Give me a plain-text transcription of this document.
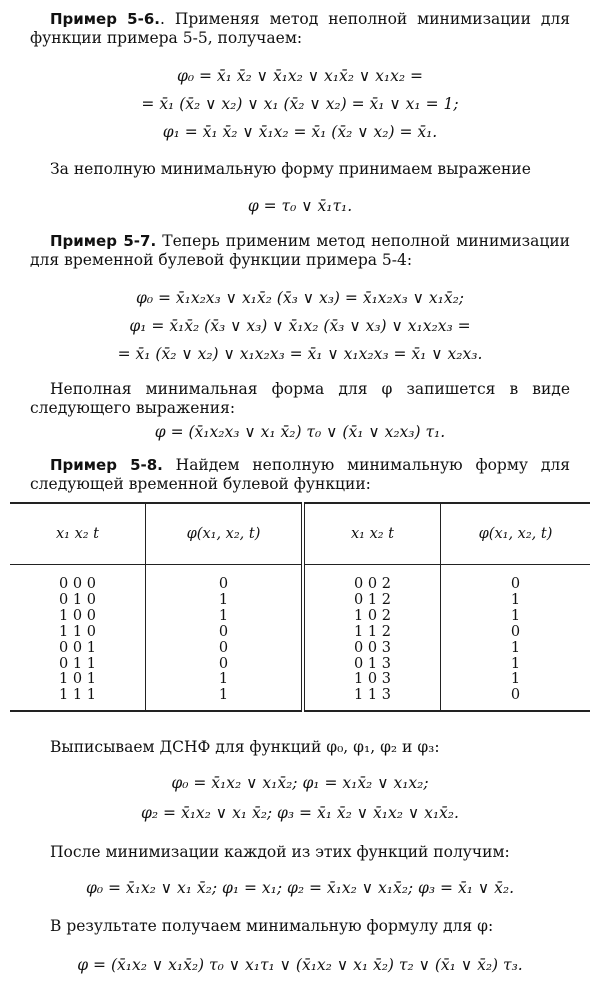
Пример 5-6.. Применяя метод неполной минимизации для функции примера 5-5, получаем:
φ₀ = x̄₁ x̄₂ ∨ x̄₁x₂ ∨ x₁x̄₂ ∨ x₁x₂ =
= x̄₁ (x̄₂ ∨ x₂) ∨ x₁ (x̄₂ ∨ x₂) = x̄₁ ∨ x₁ = 1;
φ₁ = x̄₁ x̄₂ ∨ x̄₁x₂ = x̄₁ (x̄₂ ∨ x₂) = x̄₁.
За неполную минимальную форму принимаем выражение
φ = τ₀ ∨ x̄₁τ₁.
Пример 5-7. Теперь применим метод неполной минимизации для временной булевой функции примера 5-4:
φ₀ = x̄₁x₂x₃ ∨ x₁x̄₂ (x̄₃ ∨ x₃) = x̄₁x₂x₃ ∨ x₁x̄₂;
φ₁ = x̄₁x̄₂ (x̄₃ ∨ x₃) ∨ x̄₁x₂ (x̄₃ ∨ x₃) ∨ x₁x₂x₃ =
= x̄₁ (x̄₂ ∨ x₂) ∨ x₁x₂x₃ = x̄₁ ∨ x₁x₂x₃ = x̄₁ ∨ x₂x₃.
Неполная минимальная форма для φ запишется в виде следующего выражения:
φ = (x̄₁x₂x₃ ∨ x₁ x̄₂) τ₀ ∨ (x̄₁ ∨ x₂x₃) τ₁.
Пример 5-8. Найдем неполную минимальную форму для следующей временной булевой функции:
x₁ x₂ t	φ(x₁, x₂, t)	x₁ x₂ t	φ(x₁, x₂, t)
0 0 0	0	0 0 2	0
0 1 0	1	0 1 2	1
1 0 0	1	1 0 2	1
1 1 0	0	1 1 2	0
0 0 1	0	0 0 3	1
0 1 1	0	0 1 3	1
1 0 1	1	1 0 3	1
1 1 1	1	1 1 3	0
Выписываем ДСНФ для функций φ₀, φ₁, φ₂ и φ₃:
φ₀ = x̄₁x₂ ∨ x₁x̄₂; φ₁ = x₁x̄₂ ∨ x₁x₂;
φ₂ = x̄₁x₂ ∨ x₁ x̄₂; φ₃ = x̄₁ x̄₂ ∨ x̄₁x₂ ∨ x₁x̄₂.
После минимизации каждой из этих функций получим:
φ₀ = x̄₁x₂ ∨ x₁ x̄₂; φ₁ = x₁; φ₂ = x̄₁x₂ ∨ x₁x̄₂; φ₃ = x̄₁ ∨ x̄₂.
В результате получаем минимальную формулу для φ:
φ = (x̄₁x₂ ∨ x₁x̄₂) τ₀ ∨ x₁τ₁ ∨ (x̄₁x₂ ∨ x₁ x̄₂) τ₂ ∨ (x̄₁ ∨ x̄₂) τ₃.
